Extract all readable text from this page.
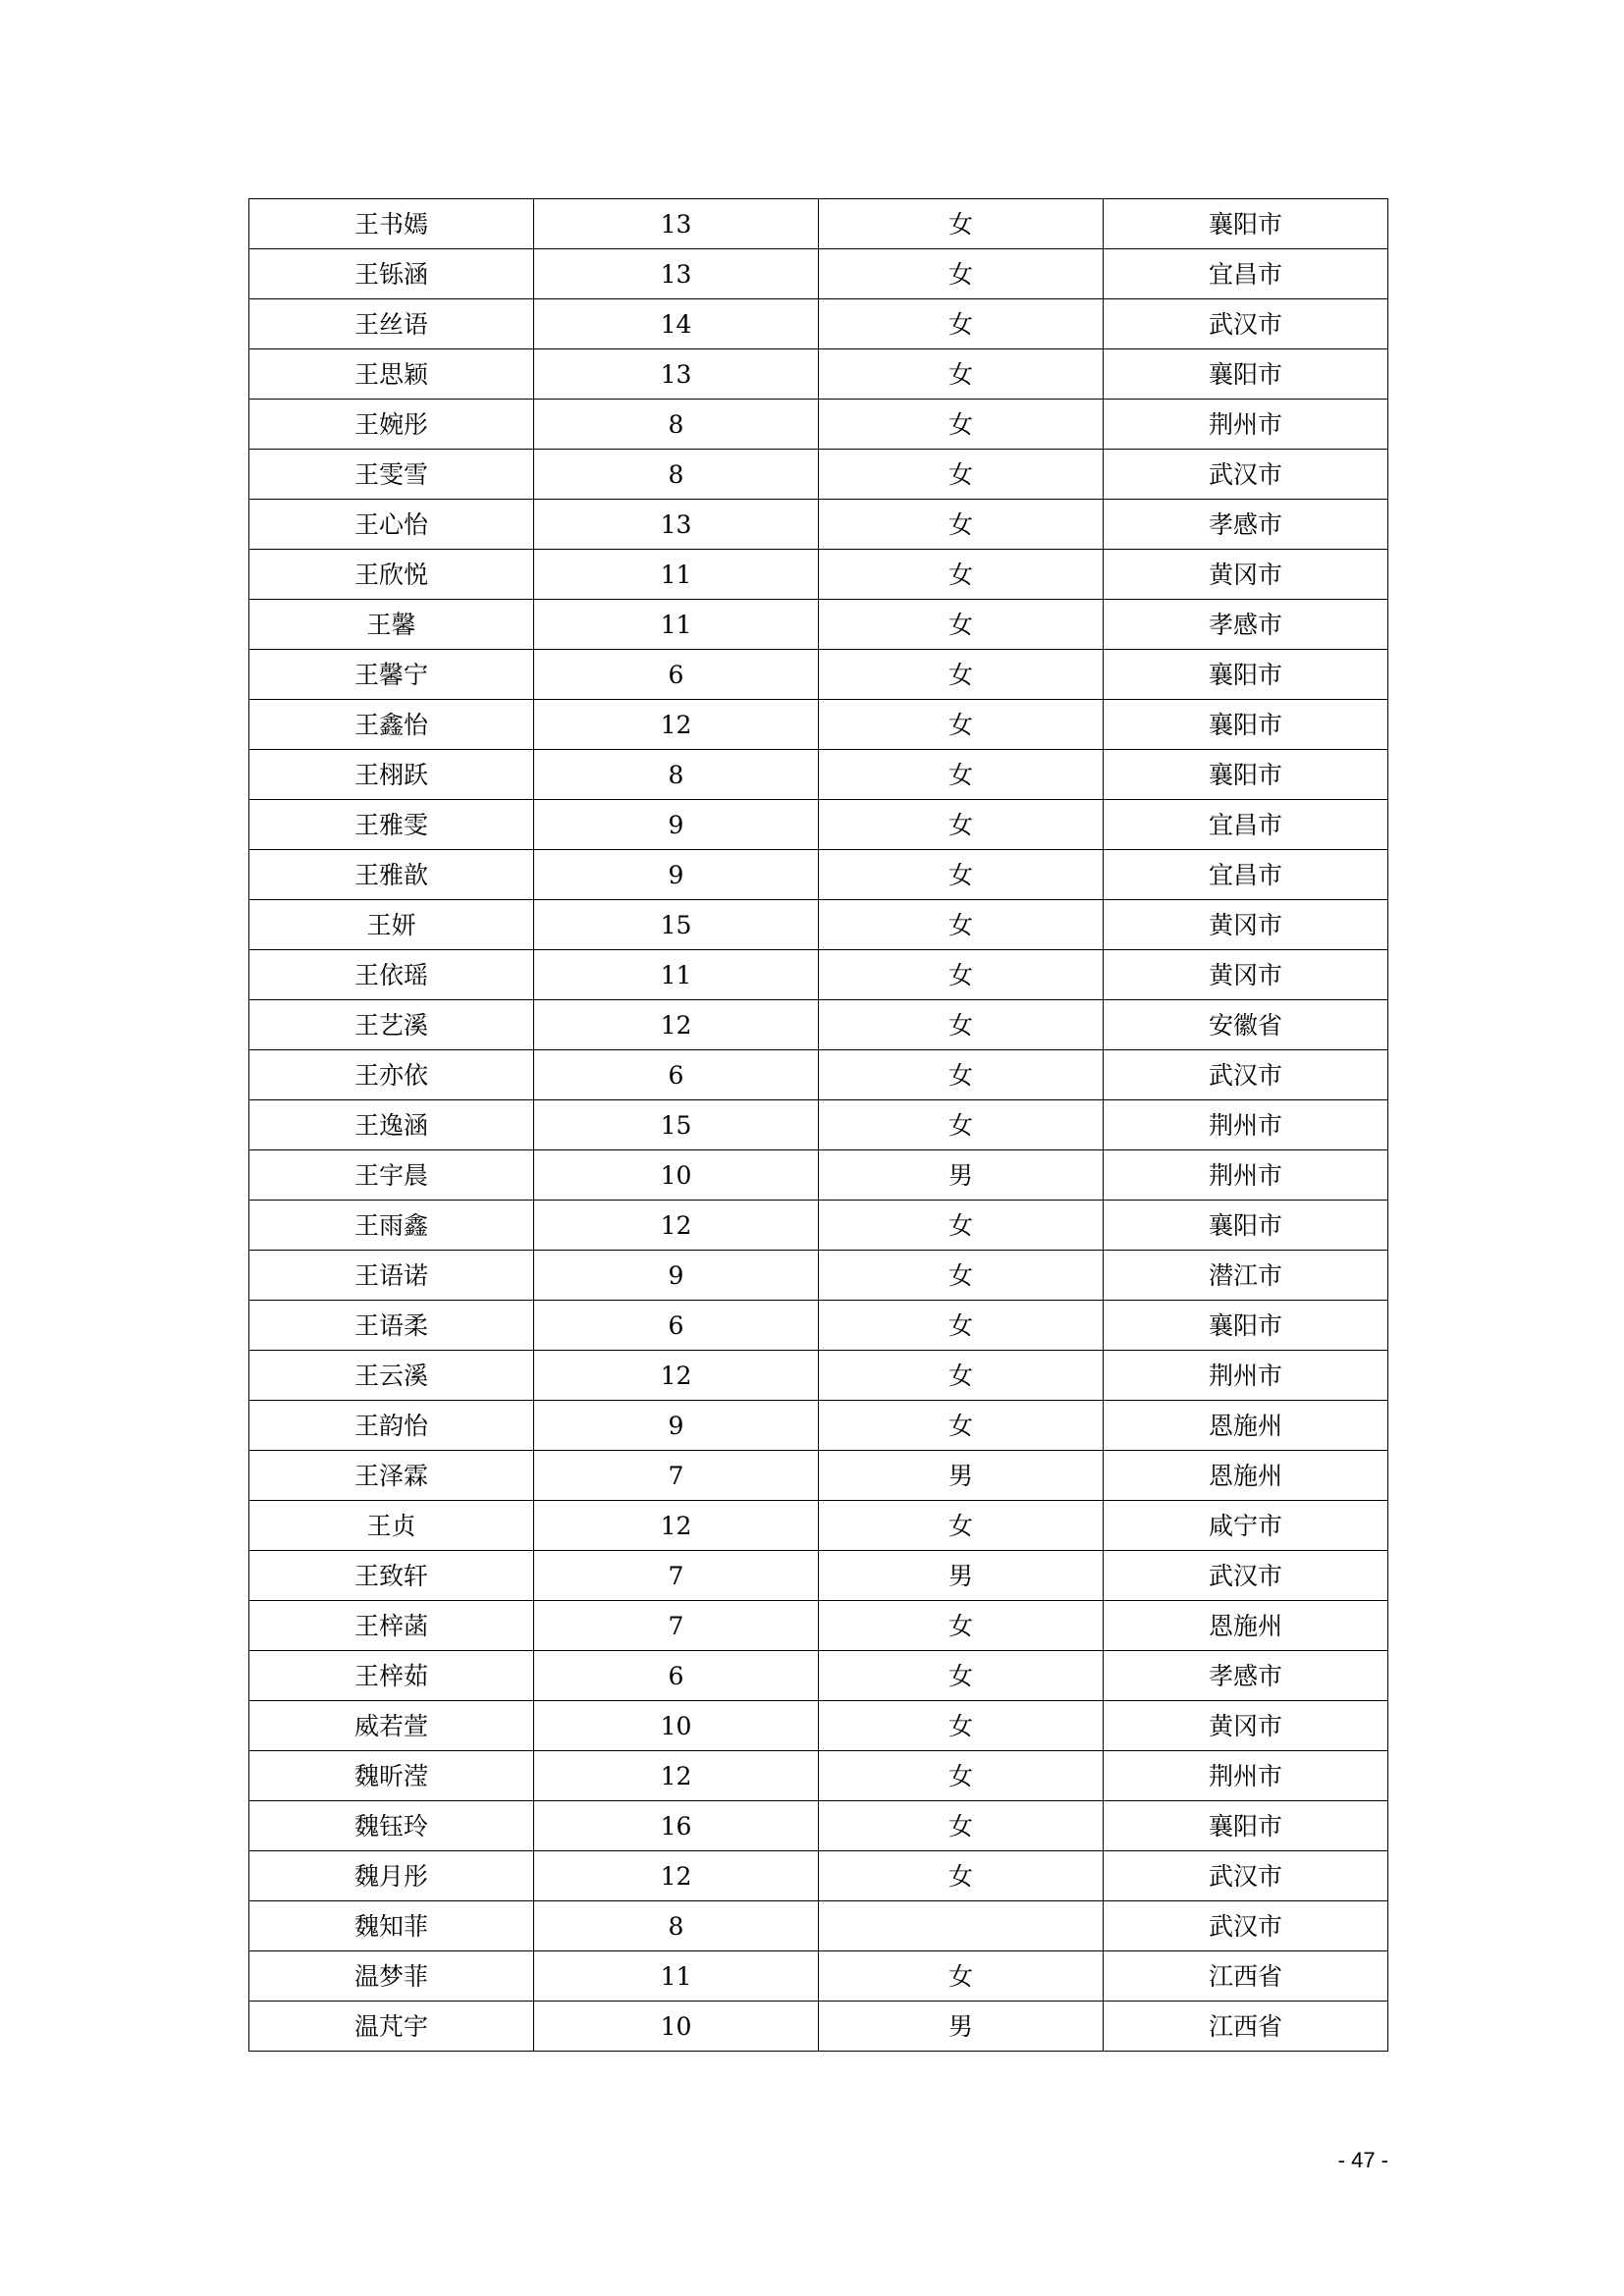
王书嫣	13	女	襄阳市
王铄涵	13	女	宜昌市
王丝语	14	女	武汉市
王思颖	13	女	襄阳市
王婉彤	8	女	荆州市
王雯雪	8	女	武汉市
王心怡	13	女	孝感市
王欣悦	11	女	黄冈市
王馨	11	女	孝感市
王馨宁	6	女	襄阳市
王鑫怡	12	女	襄阳市
王栩跃	8	女	襄阳市
王雅雯	9	女	宜昌市
王雅歆	9	女	宜昌市
王妍	15	女	黄冈市
王依瑶	11	女	黄冈市
王艺溪	12	女	安徽省
王亦依	6	女	武汉市
王逸涵	15	女	荆州市
王宇晨	10	男	荆州市
王雨鑫	12	女	襄阳市
王语诺	9	女	潜江市
王语柔	6	女	襄阳市
王云溪	12	女	荆州市
王韵怡	9	女	恩施州
王泽霖	7	男	恩施州
王贞	12	女	咸宁市
王致轩	7	男	武汉市
王梓菡	7	女	恩施州
王梓茹	6	女	孝感市
威若萱	10	女	黄冈市
魏昕滢	12	女	荆州市
魏钰玲	16	女	襄阳市
魏月彤	12	女	武汉市
魏知菲	8		武汉市
温梦菲	11	女	江西省
温芃宇	10	男	江西省
- 47 -
